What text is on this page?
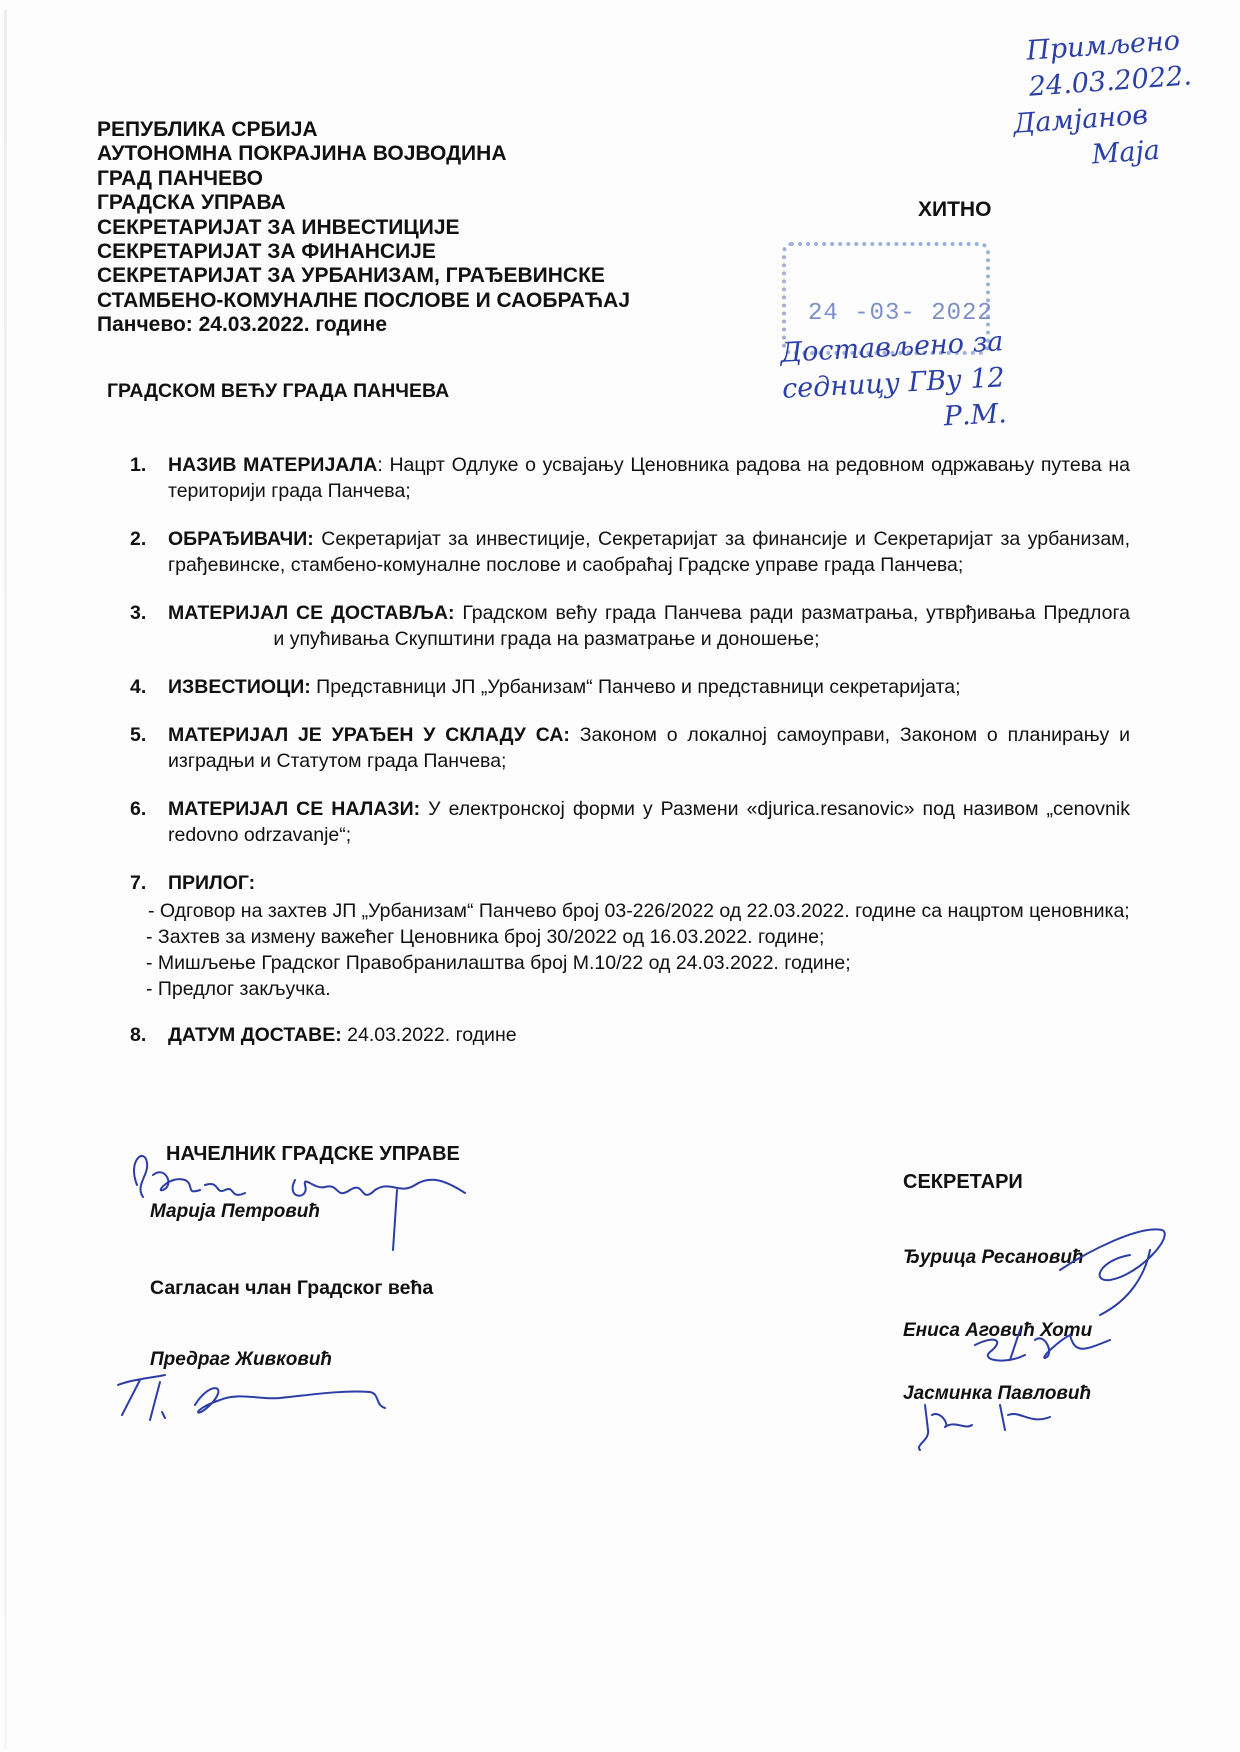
РЕПУБЛИКА СРБИЈА
АУТОНОМНА ПОКРАЈИНА ВОЈВОДИНА
ГРАД ПАНЧЕВО
ГРАДСКА УПРАВА
СЕКРЕТАРИЈАТ ЗА ИНВЕСТИЦИЈЕ
СЕКРЕТАРИЈАТ ЗА ФИНАНСИЈЕ
СЕКРЕТАРИЈАТ ЗА УРБАНИЗАМ, ГРАЂЕВИНСКЕ
СТАМБЕНО-КОМУНАЛНЕ ПОСЛОВЕ И САОБРАЋАЈ
Панчево: 24.03.2022. године
ХИТНО
Примљено
24.03.2022.
Дамјанов
Маја
24 -03- 2022
Достављено за
седницу ГВу 12
Р.М.
ГРАДСКОМ ВЕЋУ ГРАДА ПАНЧЕВА
1. НАЗИВ МАТЕРИЈАЛА: Нацрт Одлуке о усвајању Ценовника радова на редовном одржавању путева на територији града Панчева;
2. ОБРАЂИВАЧИ: Секретаријат за инвестиције, Секретаријат за финансије и Секретаријат за урбанизам, грађевинске, стамбено-комуналне послове и саобраћај Градске управе града Панчева;
3. МАТЕРИЈАЛ СЕ ДОСТАВЉА: Градском већу града Панчева ради разматрања, утврђивања Предлога и упућивања Скупштини града на разматрање и доношење;
4. ИЗВЕСТИОЦИ: Представници ЈП „Урбанизам“ Панчево и представници секретаријата;
5. МАТЕРИЈАЛ ЈЕ УРАЂЕН У СКЛАДУ СА: Законом о локалној самоуправи, Законом о планирању и изградњи и Статутом града Панчева;
6. МАТЕРИЈАЛ СЕ НАЛАЗИ: У електронској форми у Размени «djurica.resanovic» под називом „cenovnik redovno odrzavanje“;
7. ПРИЛОГ:
- Одговор на захтев ЈП „Урбанизам“ Панчево број 03-226/2022 од 22.03.2022. године са нацртом ценовника;
- Захтев за измену важећег Ценовника број 30/2022 од 16.03.2022. године;
- Мишљење Градског Правобранилаштва број М.10/22 од 24.03.2022. године;
- Предлог закључка.
8. ДАТУМ ДОСТАВЕ: 24.03.2022. године
НАЧЕЛНИК ГРАДСКЕ УПРАВЕ
Марија Петровић
Сагласан члан Градског већа
Предраг Живковић
СЕКРЕТАРИ
Ђурица Ресановић
Ениса Аговић Хоти
Јасминка Павловић
